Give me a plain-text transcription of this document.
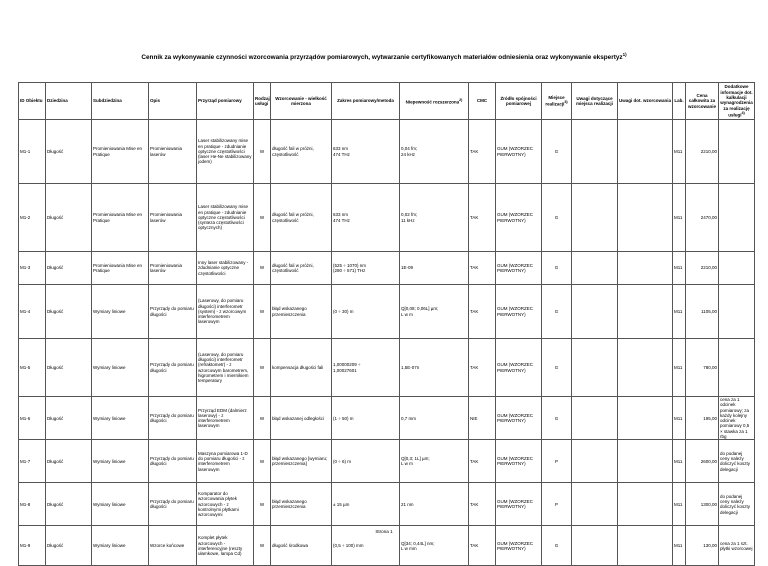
Cennik za wykonywanie czynności wzorcowania przyrządów pomiarowych, wytwarzanie certyfikowanych materiałów odniesienia oraz wykonywanie ekspertyz$^{1)}$
ID Obiektu	Dziedzina	Subdziedzina	Opis	Przyrząd pomiarowy	Rodzaj usługi	Wzorcowanie - wielkość mierzona	Zakres pomiarowy/metoda	Niepewność rozszerzona$^{2)}$	CMC	Źródło spójności pomiarowej	Miejsce realizacji$^{3)}$	Uwagi dotyczące miejsca realizacji	Uwagi dot. wzorcowania	Lab.	Cena całkowita za wzorcowanie	Dodatkowe informacje dot. kalkulacji wynagrodzenia za realizację usługi$^{4)}$
M1-1	Długość	Promieniowania Mise en Pratique	Promieniowania laserów	Laser stabilizowany mise en pratique - zdudnianie optyczne częstotliwości (laser He-Ne stabilizowany jodem)	W	długość fali w próżni, częstotliwość	633 nm
474 THz	0,04 fm;
24 kHz	TAK	GUM (WZORZEC PIERWOTNY)	G			M11	2210,00	
M1-2	Długość	Promieniowania Mise en Pratique	Promieniowania laserów	Laser stabilizowany mise en pratique - zdudnianie optyczne częstotliwości (synteza częstotliwości optycznych)	W	długość fali w próżni, częstotliwość	633 nm
474 THz	0,02 fm;
11 kHz	TAK	GUM (WZORZEC PIERWOTNY)	G			M11	2470,00	
M1-3	Długość	Promieniowania Mise en Pratique	Promieniowania laserów	Inny laser stabilizowany - zdudnianie optyczne częstotliwości	W	długość fali w próżni, częstotliwość	(525 ÷ 1070) nm
(280 ÷ 571) THz	1E-09	TAK	GUM (WZORZEC PIERWOTNY)	G			M11	2210,00	
M1-4	Długość	Wymiary liniowe	Przyrządy do pomiaru długości	(Laserowy, do pomiaru długości) interferometr (system) - z wzorcowym interferometrem laserowym	W	błąd wskazanego przemieszczenia	(0 ÷ 30) m	Q[0,08; 0,06L] µm;
L w m	TAK	GUM (WZORZEC PIERWOTNY)	G			M11	1105,00	
M1-5	Długość	Wymiary liniowe	Przyrządy do pomiaru długości	(Laserowy, do pomiaru długości) interferometr (refraktometr) - z wzorcowym barometrem, higrometrem i miernikiem temperatury	W	kompensacja długości fali	1,00000209 ÷
1,00027601	1,5E-07n	TAK	GUM (WZORZEC PIERWOTNY)	G			M11	780,00	
M1-6	Długość	Wymiary liniowe	Przyrządy do pomiaru długości	Przyrząd EDM (dalmierz laserowy) - z interferometrem laserowym	W	błąd wskazanej odległości	(1 ÷ 50) m	0,7 mm	NIE	GUM (WZORZEC PIERWOTNY)	G			M11	195,00	cena za 1 odcinek pomiarowy; za każdy kolejny odcinek pomiarowy 0,5 × stawka za 1 rbg
M1-7	Długość	Wymiary liniowe	Przyrządy do pomiaru długości	Maszyna pomiarowa 1-D do pomiaru długości - z interferometrem laserowym	W	błąd wskazanego [wymiaru; przemieszczenia]	(0 ÷ 6) m	Q[0,3; 1L] µm;
L w m	TAK	GUM (WZORZEC PIERWOTNY)	P			M11	2600,00	do podanej ceny należy doliczyć koszty delegacji
M1-8	Długość	Wymiary liniowe	Przyrządy do pomiaru długości	Komparator do wzorcowania płytek wzorcowych - z kontrolnymi płytkami wzorcowymi	W	błąd wskazanego przemieszczenia	± 15 µm	21 nm	TAK	GUM (WZORZEC PIERWOTNY)	P			M11	1300,00	do podanej ceny należy doliczyć koszty delegacji
M1-9	Długość	Wymiary liniowe	Wzorce końcowe	Komplet płytek wzorcowych - interferencyjne (reszty ułamkowe, lampa Cd)	W	długość środkowa	(0,5 ÷ 100) mm	Q[34; 0,44L] nm;
L w mm	TAK	GUM (WZORZEC PIERWOTNY)	G			M11	130,00	cena za 1 szt. płytki wzorcowej
Strona 1
